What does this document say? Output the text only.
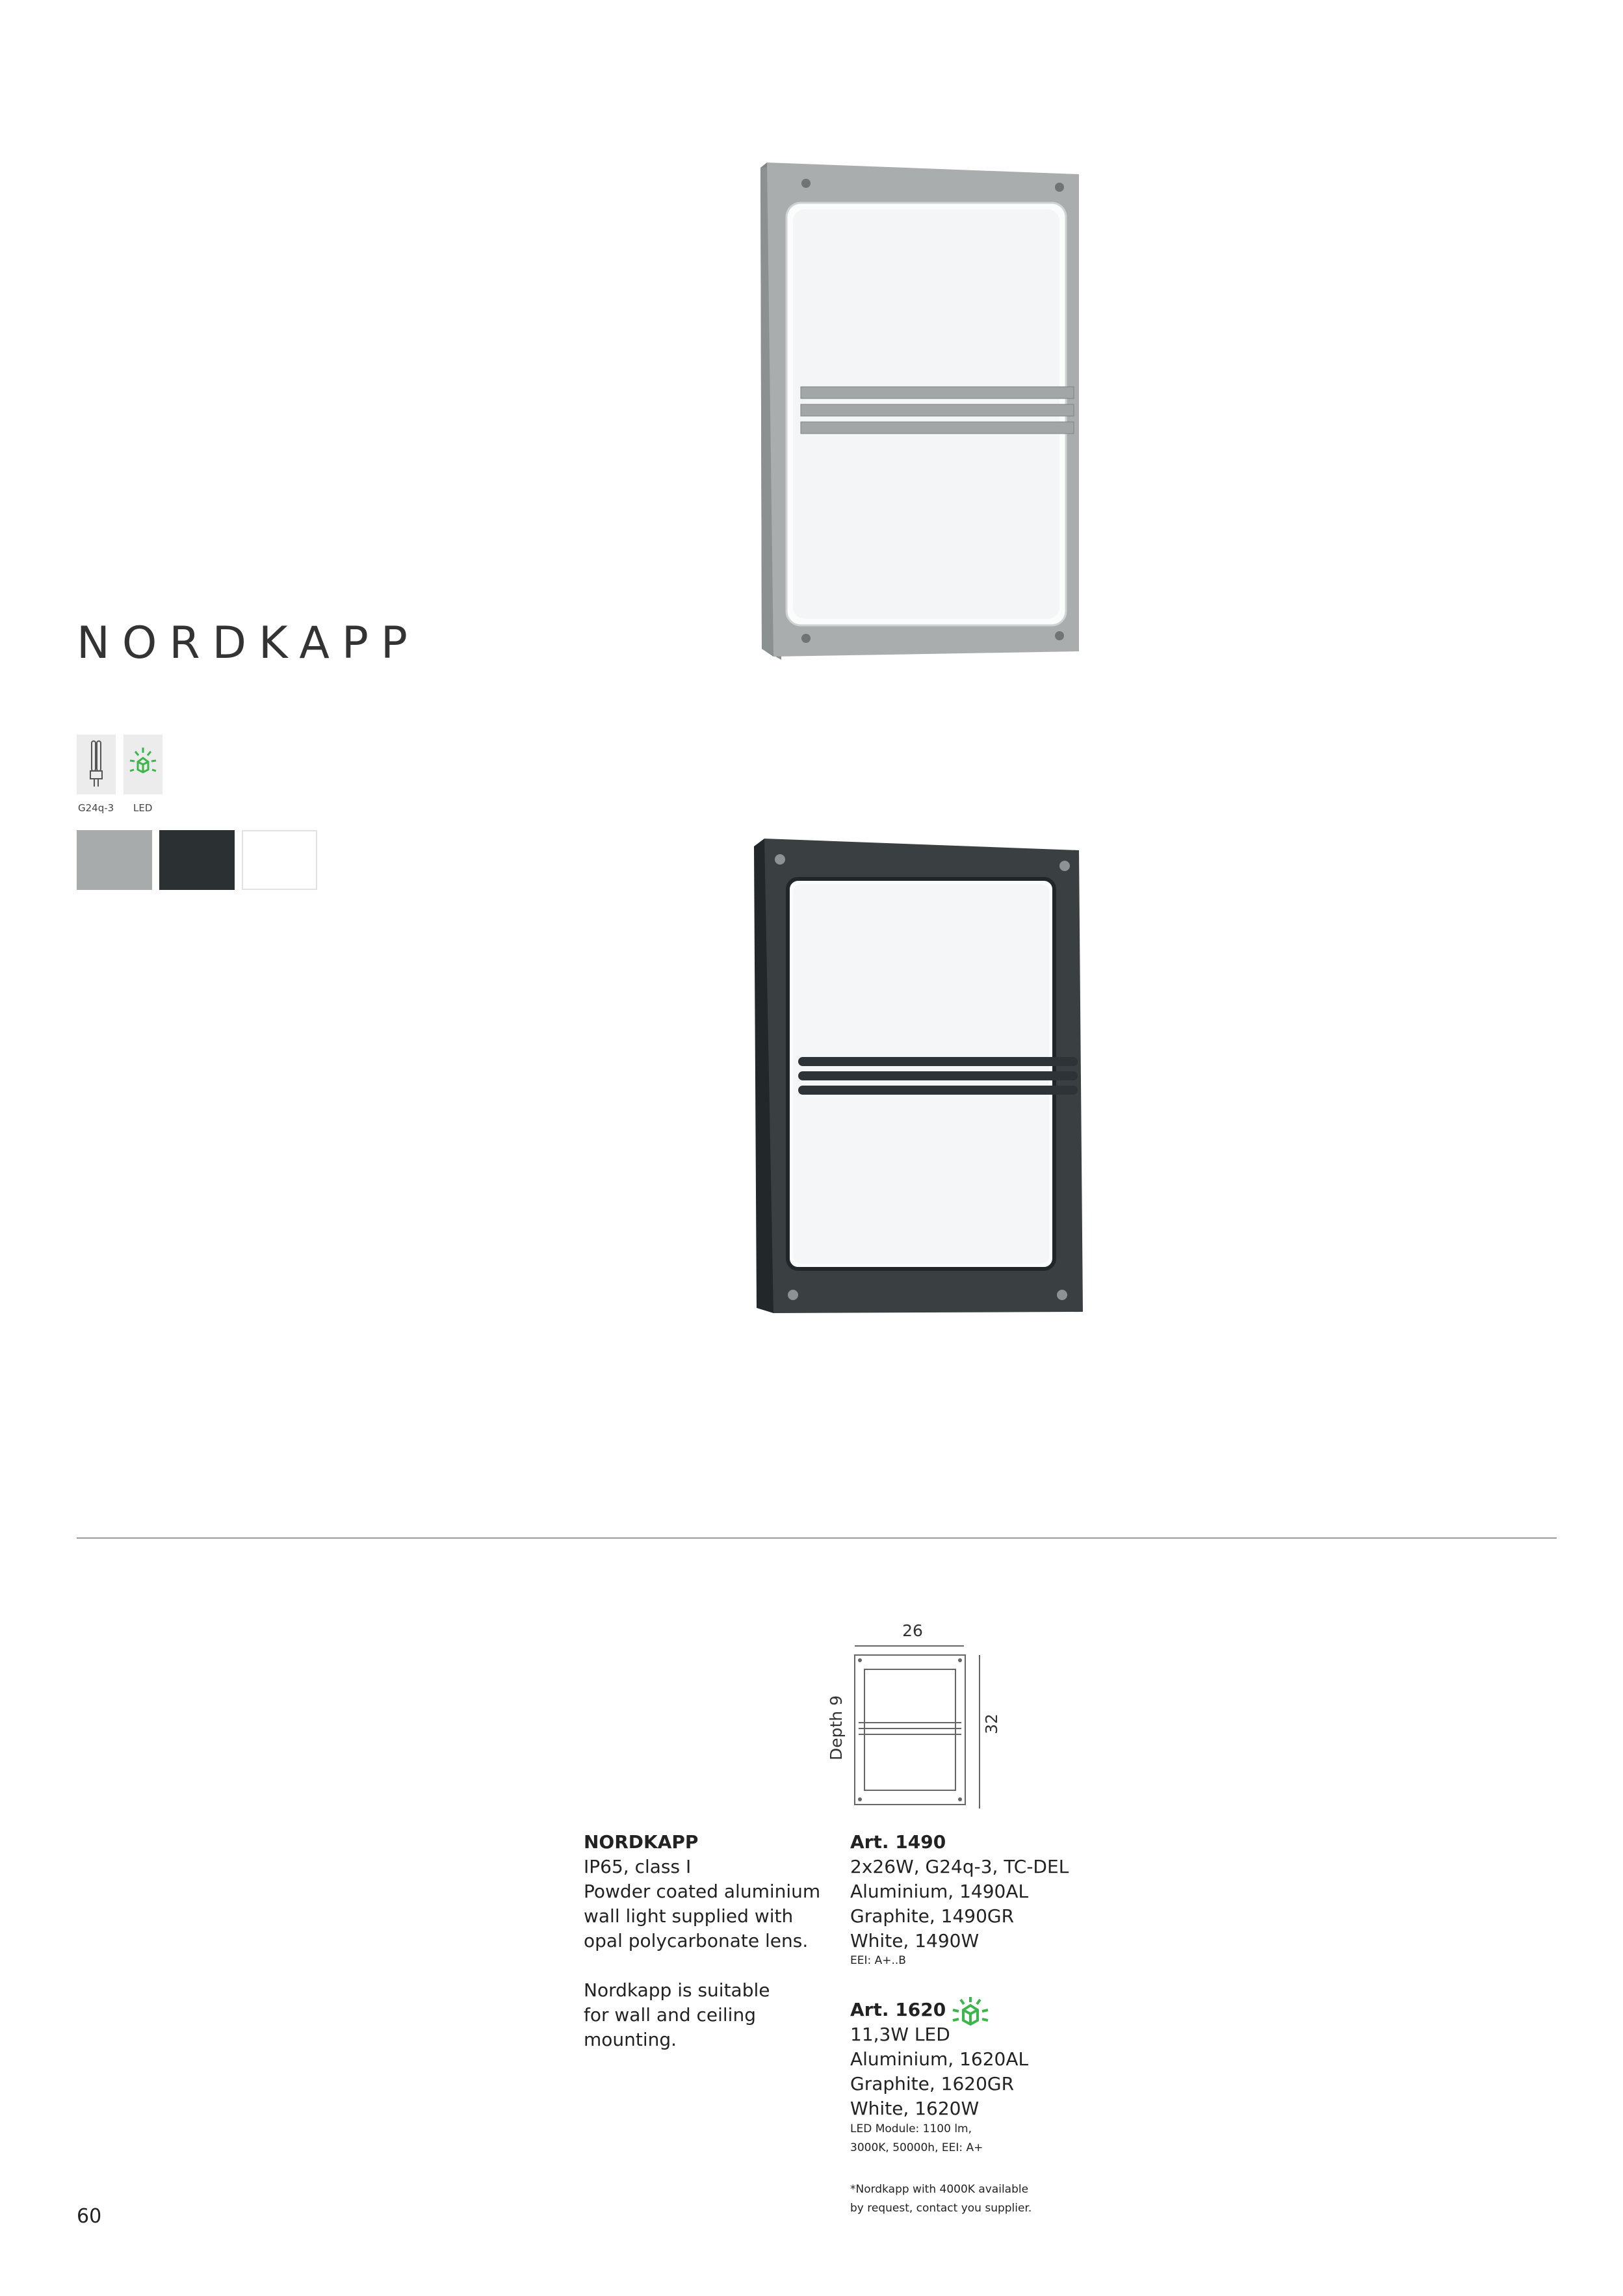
NORDKAPP
G24q-3 LED
26
32
Depth 9
NORDKAPP
IP65, class I
Powder coated aluminium
wall light supplied with
opal polycarbonate lens.
Nordkapp is suitable
for wall and ceiling
mounting.
Art. 1490
2x26W, G24q-3, TC-DEL
Aluminium, 1490AL
Graphite, 1490GR
White, 1490W
EEI: A+..B
Art. 1620
11,3W LED
Aluminium, 1620AL
Graphite, 1620GR
White, 1620W
LED Module: 1100 lm,
3000K, 50000h, EEI: A+
*Nordkapp with 4000K available
by request, contact you supplier.
60
